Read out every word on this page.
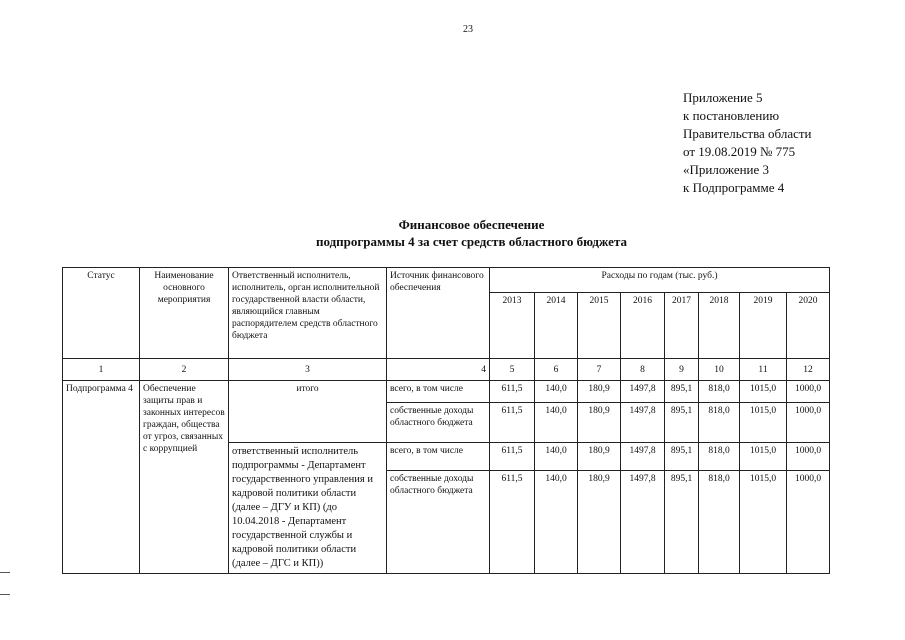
23
Приложение 5
к постановлению
Правительства области
от 19.08.2019 № 775
«Приложение 3
к Подпрограмме 4
Финансовое обеспечение
подпрограммы 4 за счет средств областного бюджета
Статус	Наименование основного мероприятия	Ответственный исполнитель, исполнитель, орган исполнительной государственной власти области, являющийся главным распорядителем средств областного бюджета	Источник финансового обеспечения	Расходы по годам (тыс. руб.)							
				2013	2014	2015	2016	2017	2018	2019	2020
1	2	3	4	5	6	7	8	9	10	11	12
Подпрограмма 4	Обеспечение защиты прав и законных интересов граждан, общества от угроз, связанных с коррупцией	итого	всего, в том числе	611,5	140,0	180,9	1497,8	895,1	818,0	1015,0	1000,0
			собственные доходы областного бюджета	611,5	140,0	180,9	1497,8	895,1	818,0	1015,0	1000,0
		ответственный исполнитель подпрограммы - Департамент государственного управления и кадровой политики области (далее – ДГУ и КП) (до 10.04.2018 - Департамент государственной службы и кадровой политики области (далее – ДГС и КП))	всего, в том числе	611,5	140,0	180,9	1497,8	895,1	818,0	1015,0	1000,0
			собственные доходы областного бюджета	611,5	140,0	180,9	1497,8	895,1	818,0	1015,0	1000,0
